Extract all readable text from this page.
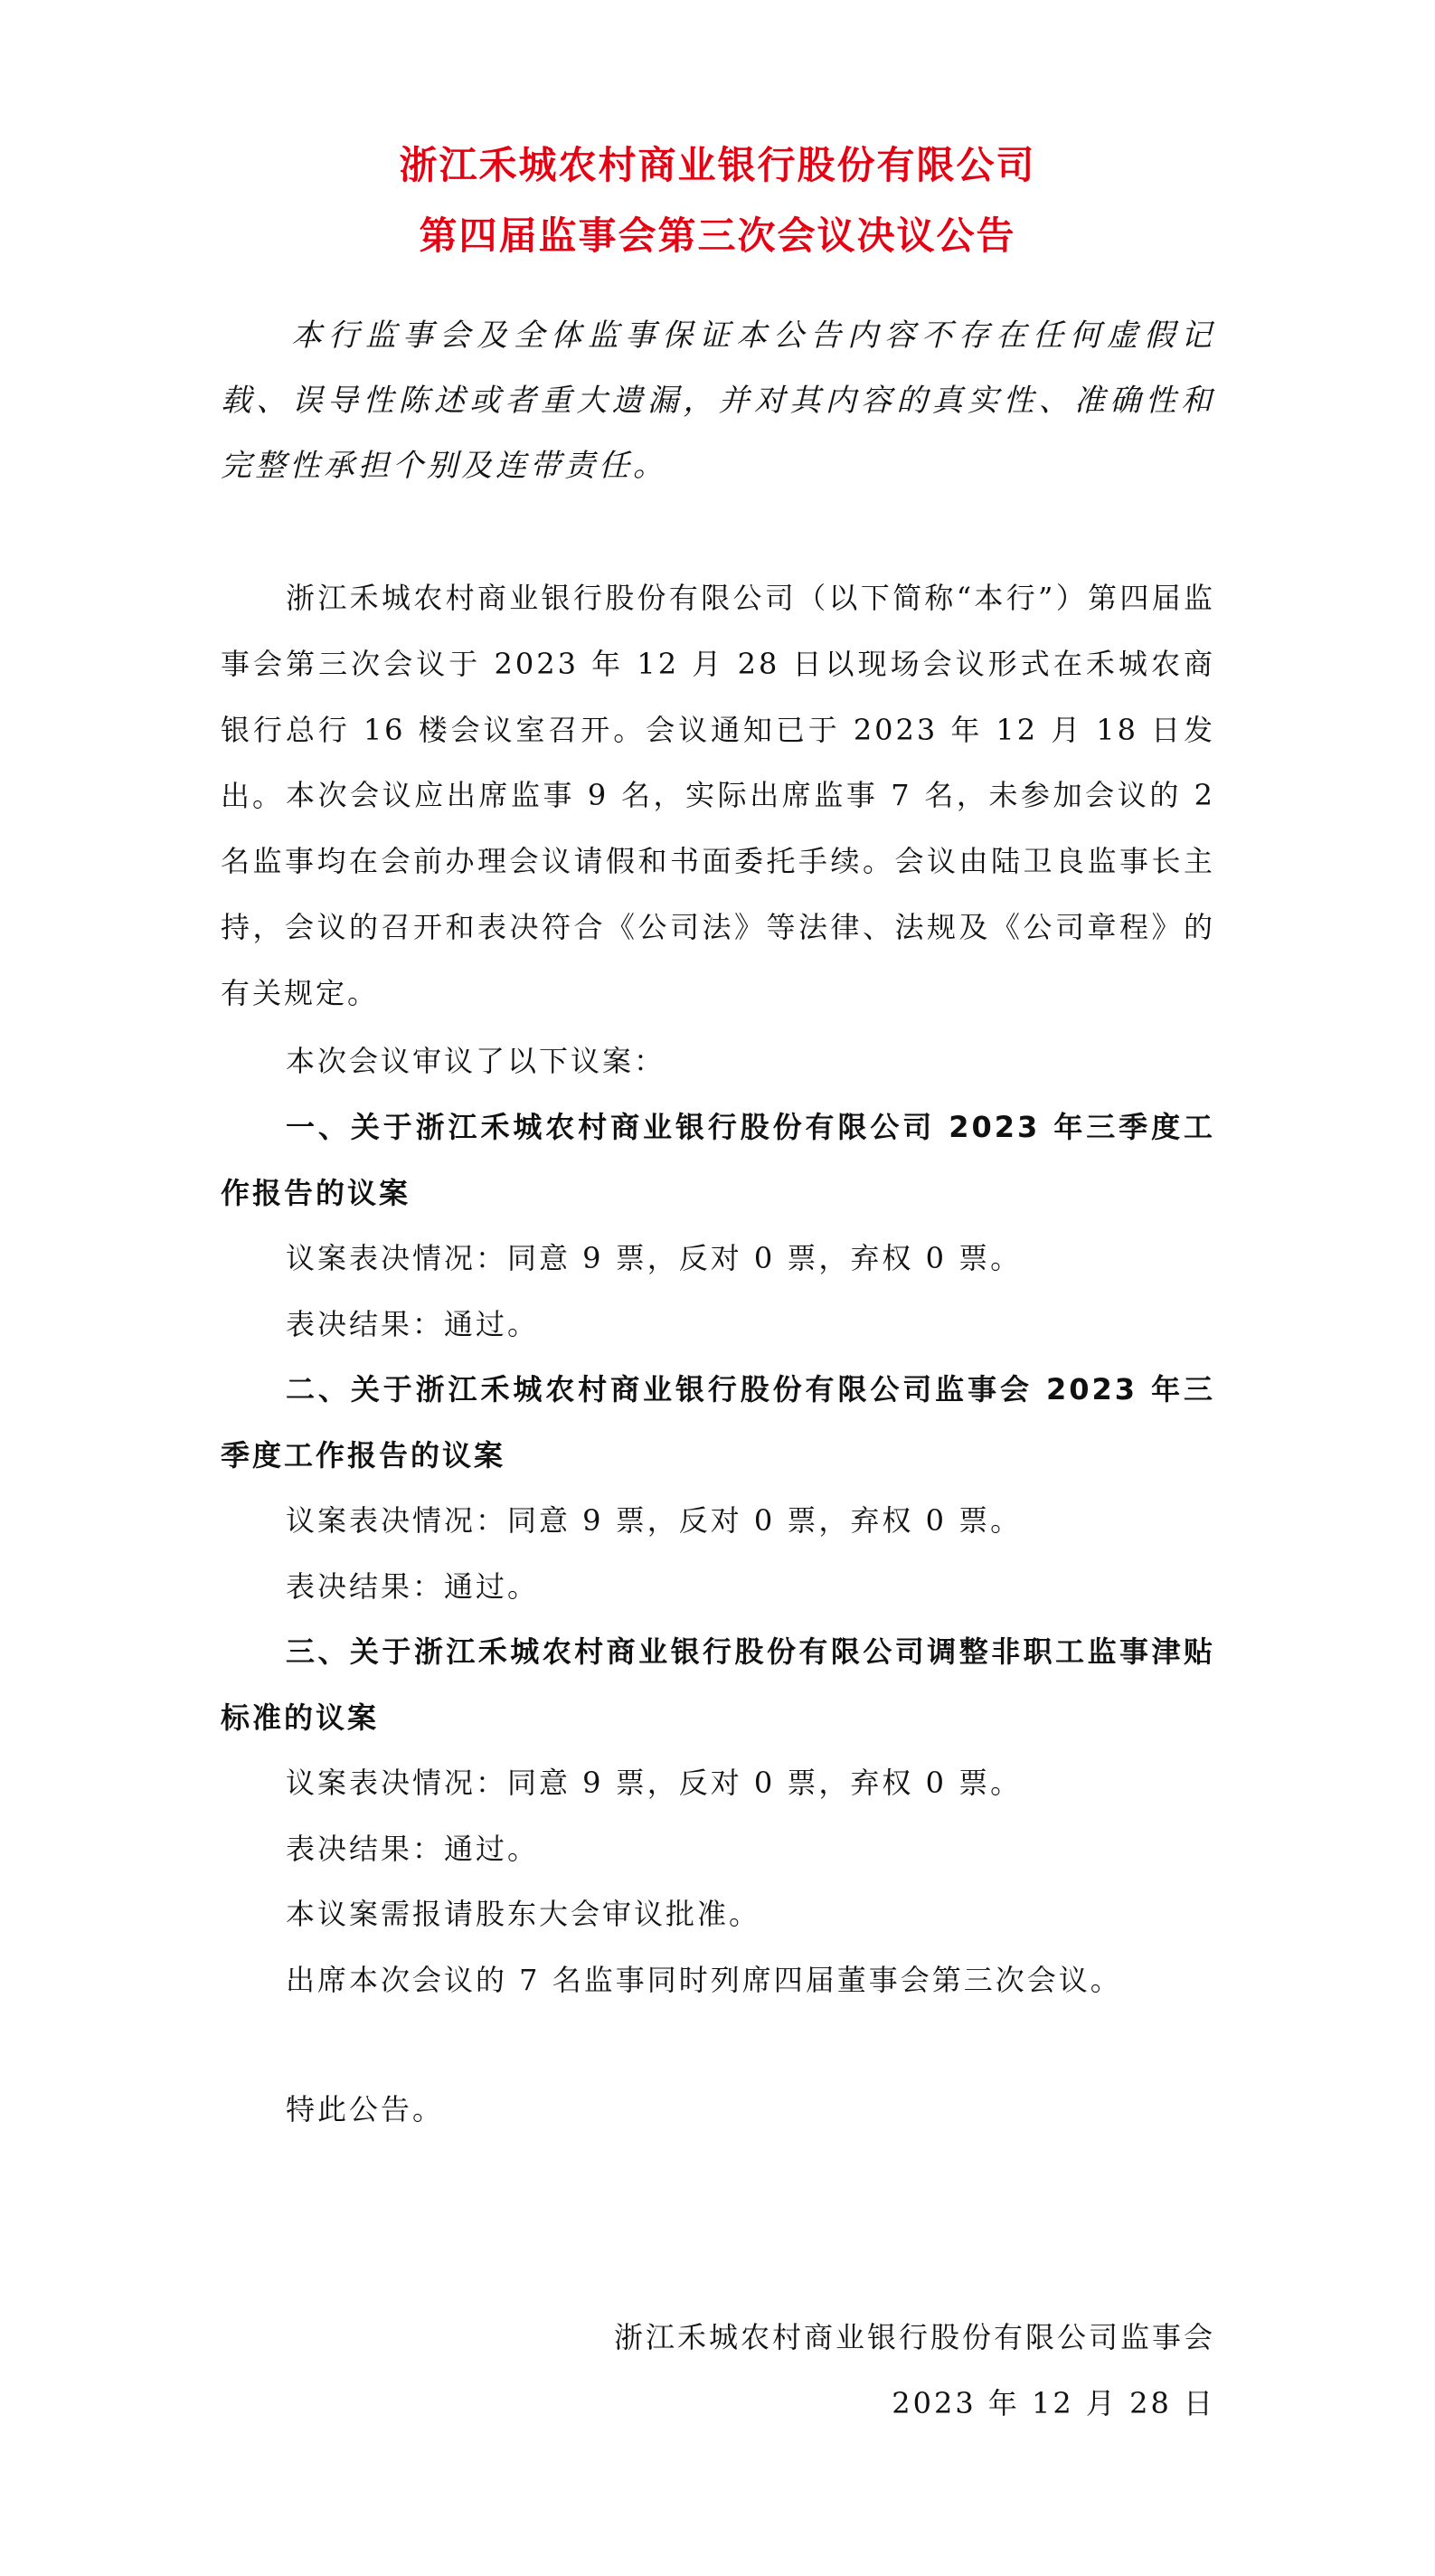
浙江禾城农村商业银行股份有限公司
第四届监事会第三次会议决议公告
本行监事会及全体监事保证本公告内容不存在任何虚假记载、误导性陈述或者重大遗漏，并对其内容的真实性、准确性和完整性承担个别及连带责任。
浙江禾城农村商业银行股份有限公司（以下简称“本行”）第四届监事会第三次会议于 2023 年 12 月 28 日以现场会议形式在禾城农商银行总行 16 楼会议室召开。会议通知已于 2023 年 12 月 18 日发出。 本次会议应出席监事 9 名，实际出席监事 7 名，未参加会议的 2 名监事均在会前办理会议请假和书面委托手续。会议由陆卫良监事长主持，会议的召开和表决符合《公司法》等法律、法规及《公司章程》的有关规定。
本次会议审议了以下议案：
一、关于浙江禾城农村商业银行股份有限公司 2023 年三季度工作报告的议案
议案表决情况：同意 9 票，反对 0 票，弃权 0 票。
表决结果：通过。
二、关于浙江禾城农村商业银行股份有限公司监事会 2023 年三季度工作报告的议案
议案表决情况：同意 9 票，反对 0 票，弃权 0 票。
表决结果：通过。
三、关于浙江禾城农村商业银行股份有限公司调整非职工监事津贴标准的议案
议案表决情况：同意 9 票，反对 0 票，弃权 0 票。
表决结果：通过。
本议案需报请股东大会审议批准。
出席本次会议的 7 名监事同时列席四届董事会第三次会议。
特此公告。
浙江禾城农村商业银行股份有限公司监事会
2023 年 12 月 28 日
